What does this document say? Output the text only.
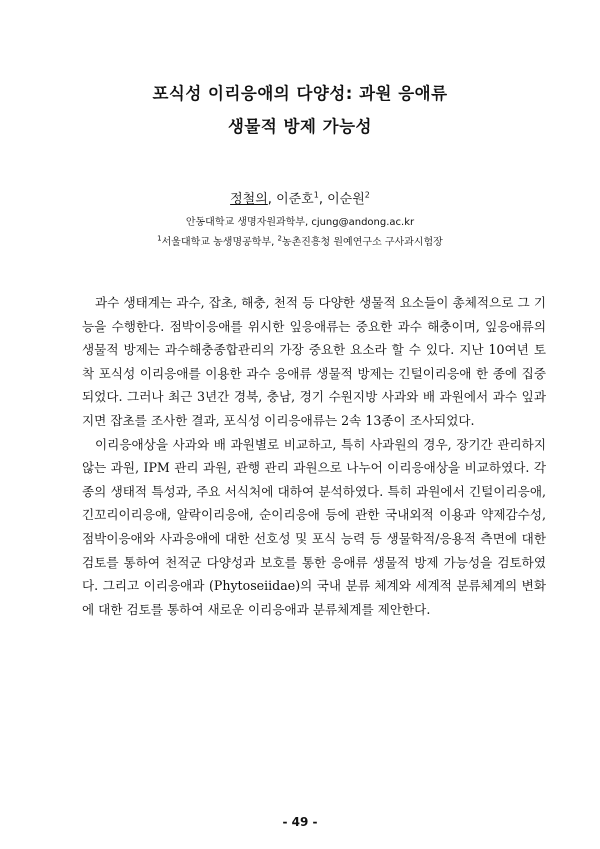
포식성 이리응애의 다양성: 과원 응애류
생물적 방제 가능성
정철의, 이준호$^1$, 이순원$^2$
안동대학교 생명자원과학부, cjung@andong.ac.kr
$^1$서울대학교 농생명공학부, $^2$농촌진흥청 원예연구소 구사과시험장

과수 생태계는 과수, 잡초, 해충, 천적 등 다양한 생물적 요소들이 총체적으로 그 기능을 수행한다. 점박이응애를 위시한 잎응애류는 중요한 과수 해충이며, 잎응애류의 생물적 방제는 과수해충종합관리의 가장 중요한 요소라 할 수 있다. 지난 10여년 토착 포식성 이리응애를 이용한 과수 응애류 생물적 방제는 긴털이리응애 한 종에 집중되었다. 그러나 최근 3년간 경북, 충남, 경기 수원지방 사과와 배 과원에서 과수 잎과 지면 잡초를 조사한 결과, 포식성 이리응애류는 2속 13종이 조사되었다.

이리응애상을 사과와 배 과원별로 비교하고, 특히 사과원의 경우, 장기간 관리하지 않는 과원, IPM 관리 과원, 관행 관리 과원으로 나누어 이리응애상을 비교하였다. 각 종의 생태적 특성과, 주요 서식처에 대하여 분석하였다. 특히 과원에서 긴털이리응애, 긴꼬리이리응애, 알락이리응애, 순이리응애 등에 관한 국내외적 이용과 약제감수성, 점박이응애와 사과응애에 대한 선호성 및 포식 능력 등 생물학적/응용적 측면에 대한 검토를 통하여 천적군 다양성과 보호를 통한 응애류 생물적 방제 가능성을 검토하였다. 그리고 이리응애과 (Phytoseiidae)의 국내 분류 체계와 세계적 분류체계의 변화에 대한 검토를 통하여 새로운 이리응애과 분류체계를 제안한다.

- 49 -
